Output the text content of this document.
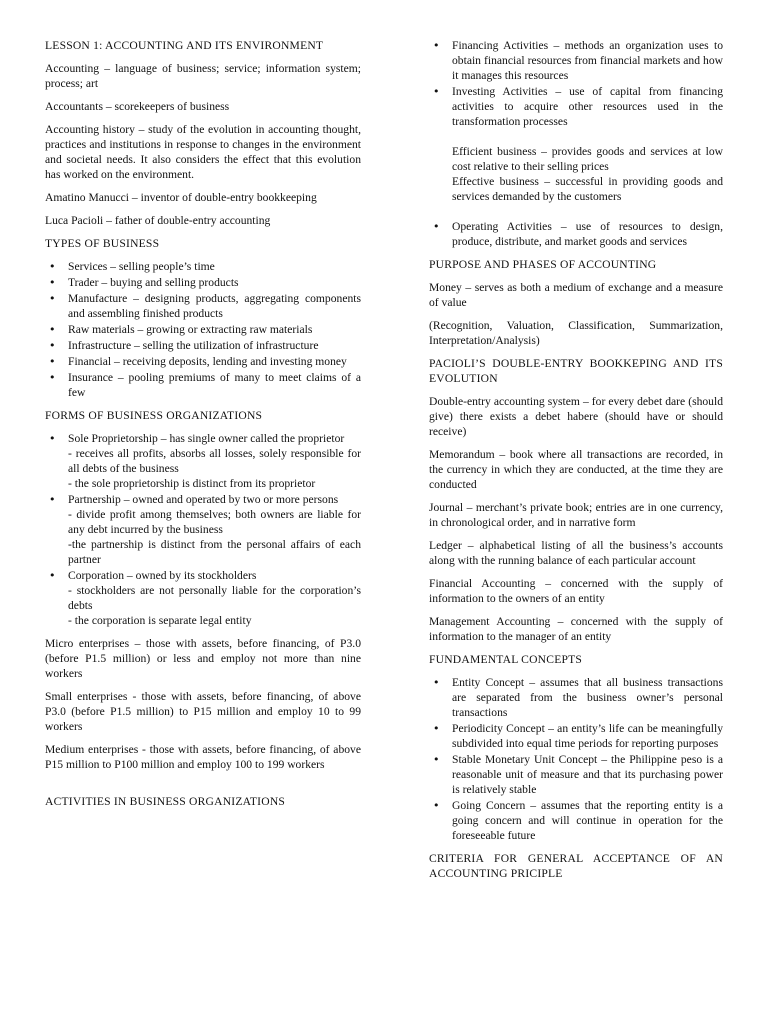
LESSON 1: ACCOUNTING AND ITS ENVIRONMENT

Accounting – language of business; service; information system; process; art

Accountants – scorekeepers of business

Accounting history – study of the evolution in accounting thought, practices and institutions in response to changes in the environment and societal needs. It also considers the effect that this evolution has worked on the environment.

Amatino Manucci – inventor of double-entry bookkeeping

Luca Pacioli – father of double-entry accounting

TYPES OF BUSINESS

• Services – selling people’s time
• Trader – buying and selling products
• Manufacture – designing products, aggregating components and assembling finished products
• Raw materials – growing or extracting raw materials
• Infrastructure – selling the utilization of infrastructure
• Financial – receiving deposits, lending and investing money
• Insurance – pooling premiums of many to meet claims of a few

FORMS OF BUSINESS ORGANIZATIONS

• Sole Proprietorship – has single owner called the proprietor
- receives all profits, absorbs all losses, solely responsible for all debts of the business
- the sole proprietorship is distinct from its proprietor
• Partnership – owned and operated by two or more persons
- divide profit among themselves; both owners are liable for any debt incurred by the business
-the partnership is distinct from the personal affairs of each partner
• Corporation – owned by its stockholders
- stockholders are not personally liable for the corporation’s debts
- the corporation is separate legal entity

Micro enterprises – those with assets, before financing, of P3.0 (before P1.5 million) or less and employ not more than nine workers

Small enterprises - those with assets, before financing, of above P3.0 (before P1.5 million) to P15 million and employ 10 to 99 workers

Medium enterprises - those with assets, before financing, of above P15 million to P100 million and employ 100 to 199 workers

ACTIVITIES IN BUSINESS ORGANIZATIONS

• Financing Activities – methods an organization uses to obtain financial resources from financial markets and how it manages this resources
• Investing Activities – use of capital from financing activities to acquire other resources used in the transformation processes

Efficient business – provides goods and services at low cost relative to their selling prices

Effective business – successful in providing goods and services demanded by the customers

• Operating Activities – use of resources to design, produce, distribute, and market goods and services

PURPOSE AND PHASES OF ACCOUNTING

Money – serves as both a medium of exchange and a measure of value

(Recognition, Valuation, Classification, Summarization, Interpretation/Analysis)

PACIOLI’S DOUBLE-ENTRY BOOKKEPING AND ITS EVOLUTION

Double-entry accounting system – for every debet dare (should give) there exists a debet habere (should have or should receive)

Memorandum – book where all transactions are recorded, in the currency in which they are conducted, at the time they are conducted

Journal – merchant’s private book; entries are in one currency, in chronological order, and in narrative form

Ledger – alphabetical listing of all the business’s accounts along with the running balance of each particular account

Financial Accounting – concerned with the supply of information to the owners of an entity

Management Accounting – concerned with the supply of information to the manager of an entity

FUNDAMENTAL CONCEPTS

• Entity Concept – assumes that all business transactions are separated from the business owner’s personal transactions
• Periodicity Concept – an entity’s life can be meaningfully subdivided into equal time periods for reporting purposes
• Stable Monetary Unit Concept – the Philippine peso is a reasonable unit of measure and that its purchasing power is relatively stable
• Going Concern – assumes that the reporting entity is a going concern and will continue in operation for the foreseeable future

CRITERIA FOR GENERAL ACCEPTANCE OF AN ACCOUNTING PRICIPLE
